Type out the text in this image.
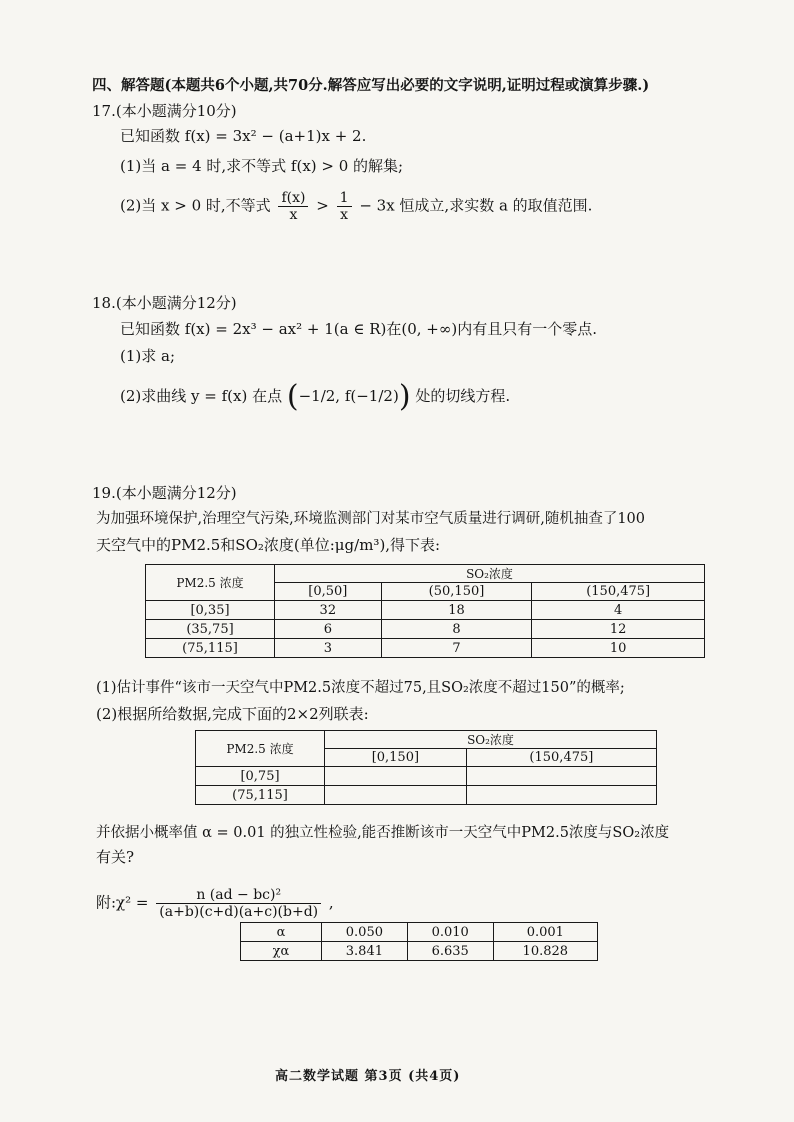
四、解答题(本题共6个小题,共70分.解答应写出必要的文字说明,证明过程或演算步骤.)
17.(本小题满分10分)
已知函数 f(x) = 3x² − (a+1)x + 2.
(1)当 a = 4 时,求不等式 f(x) > 0 的解集;
(2)当 x > 0 时,不等式 $\frac{f(x)}{x} > \frac{1}{x} - 3x$ 恒成立,求实数 a 的取值范围.
18.(本小题满分12分)
已知函数 f(x) = 2x³ − ax² + 1(a ∈ R)在(0, +∞)内有且只有一个零点.
(1)求 a;
(2)求曲线 y = f(x) 在点 (−1/2, f(−1/2)) 处的切线方程.
19.(本小题满分12分)
为加强环境保护,治理空气污染,环境监测部门对某市空气质量进行调研,随机抽查了100
天空气中的PM2.5和SO₂浓度(单位:μg/m³),得下表:
PM2.5 浓度	SO₂浓度		
	[0,50]	(50,150]	(150,475]
[0,35]	32	18	4
(35,75]	6	8	12
(75,115]	3	7	10
(1)估计事件“该市一天空气中PM2.5浓度不超过75,且SO₂浓度不超过150”的概率;
(2)根据所给数据,完成下面的2×2列联表:
PM2.5 浓度	SO₂浓度	
	[0,150]	(150,475]
[0,75]		
(75,115]		
并依据小概率值 α = 0.01 的独立性检验,能否推断该市一天空气中PM2.5浓度与SO₂浓度
有关?
附:χ² = $\frac{\text{n (ad − bc)²}}{(a+b)(c+d)(a+c)(b+d)}$ ,
α	0.050	0.010	0.001
χα	3.841	6.635	10.828
高二数学试题 第3页 (共4页)
